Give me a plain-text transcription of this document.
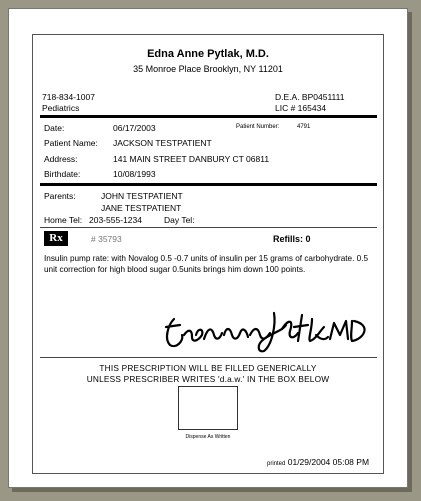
Edna Anne Pytlak, M.D.
35 Monroe Place Brooklyn, NY 11201
718-834-1007
Pediatrics
D.E.A. BP0451111
LIC # 165434
Date:	06/17/2003	Patient Number:	4791
Patient Name: JACKSON TESTPATIENT
Address:	141 MAIN STREET DANBURY CT 06811
Birthdate:	10/08/1993
Parents:	JOHN TESTPATIENT
JANE TESTPATIENT
Home Tel: 203-555-1234	Day Tel:
Rx	# 35793	Refills: 0
Insulin pump rate: with Novalog 0.5 -0.7 units of insulin per 15 grams of carbohydrate. 0.5 unit correction for high blood sugar 0.5units brings him down 100 points.
THIS PRESCRIPTION WILL BE FILLED GENERICALLY
UNLESS PRESCRIBER WRITES 'd.a.w.' IN THE BOX BELOW
Dispense As Written
printed 01/29/2004 05:08 PM
